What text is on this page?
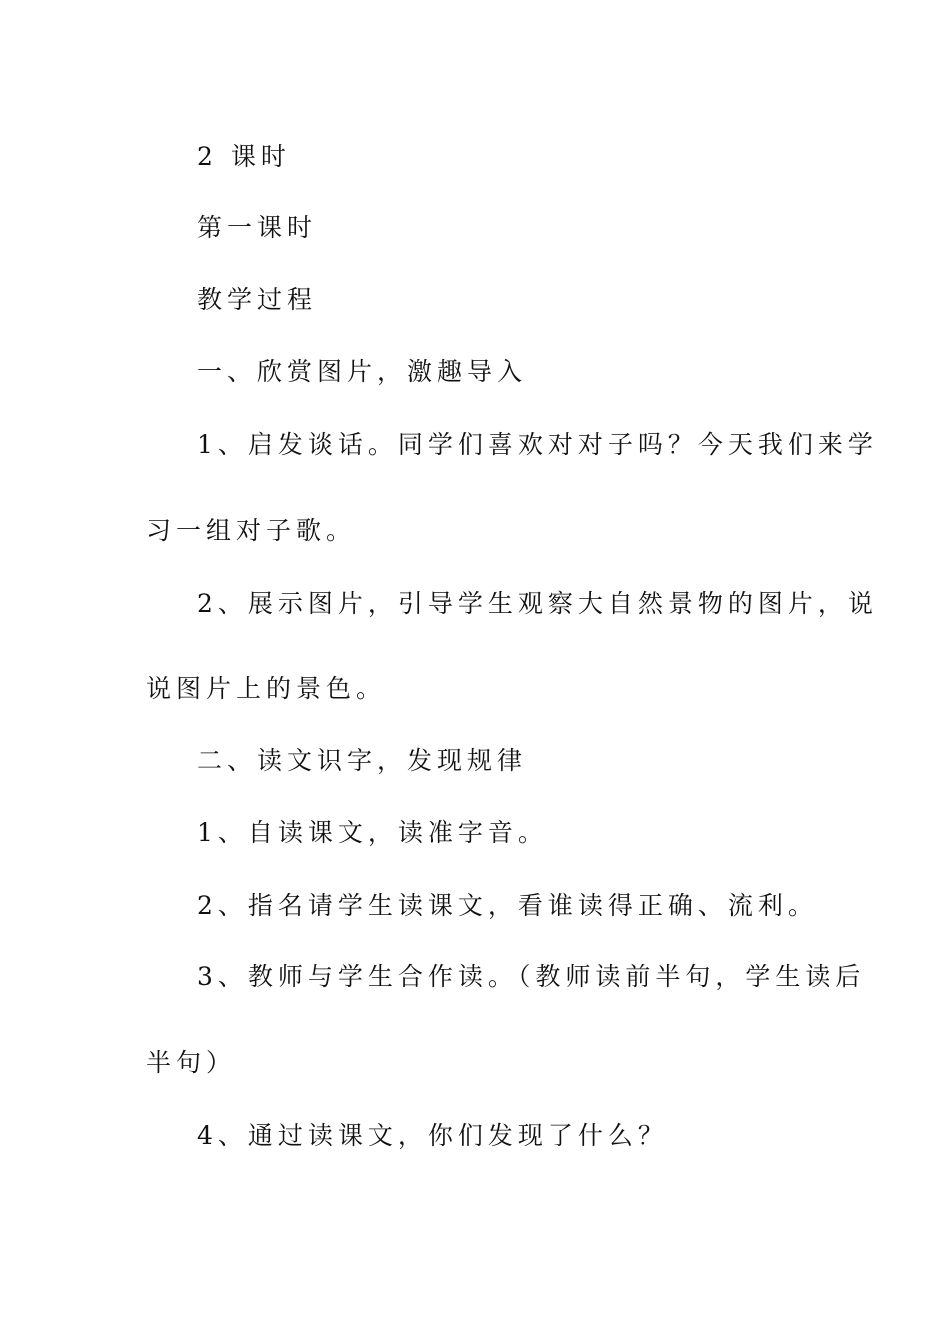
2 课时

第一课时

教学过程

一、欣赏图片，激趣导入

1、启发谈话。同学们喜欢对对子吗？今天我们来学

习一组对子歌。

2、展示图片，引导学生观察大自然景物的图片，说

说图片上的景色。

二、读文识字，发现规律

1、自读课文，读准字音。

2、指名请学生读课文，看谁读得正确、流利。

3、教师与学生合作读。（教师读前半句，学生读后

半句）

4、通过读课文，你们发现了什么？
